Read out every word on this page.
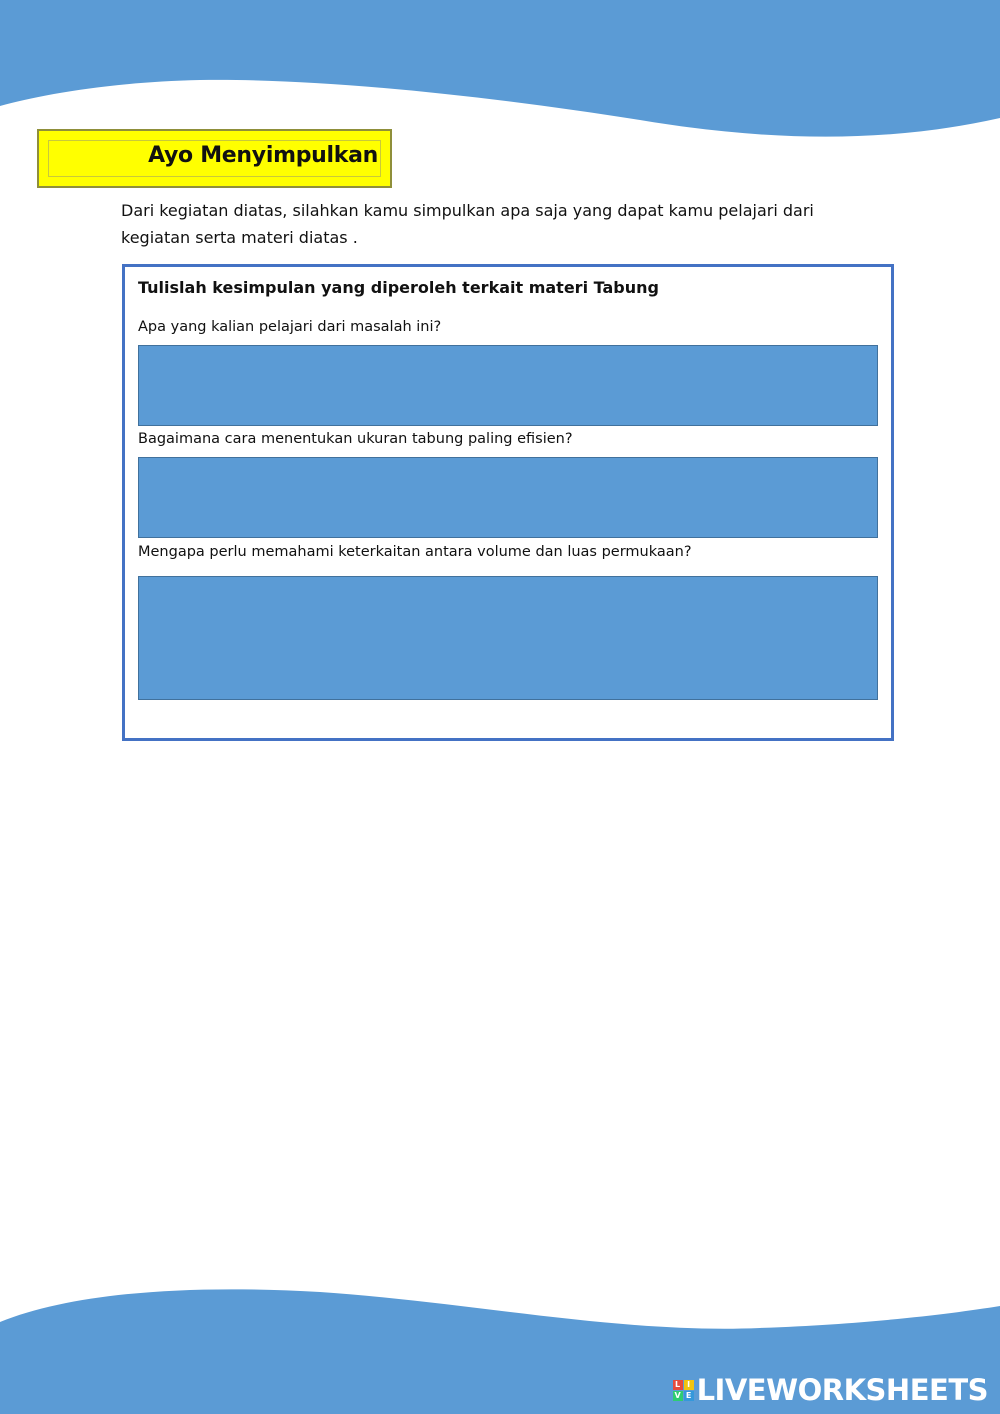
Ayo Menyimpulkan
Dari kegiatan diatas, silahkan kamu simpulkan apa saja yang dapat kamu pelajari dari
kegiatan serta materi diatas .
Tulislah kesimpulan yang diperoleh terkait materi Tabung
Apa yang kalian pelajari dari masalah ini?
Bagaimana cara menentukan ukuran tabung paling efisien?
Mengapa perlu memahami keterkaitan antara volume dan luas permukaan?
L I
V E LIVEWORKSHEETS
